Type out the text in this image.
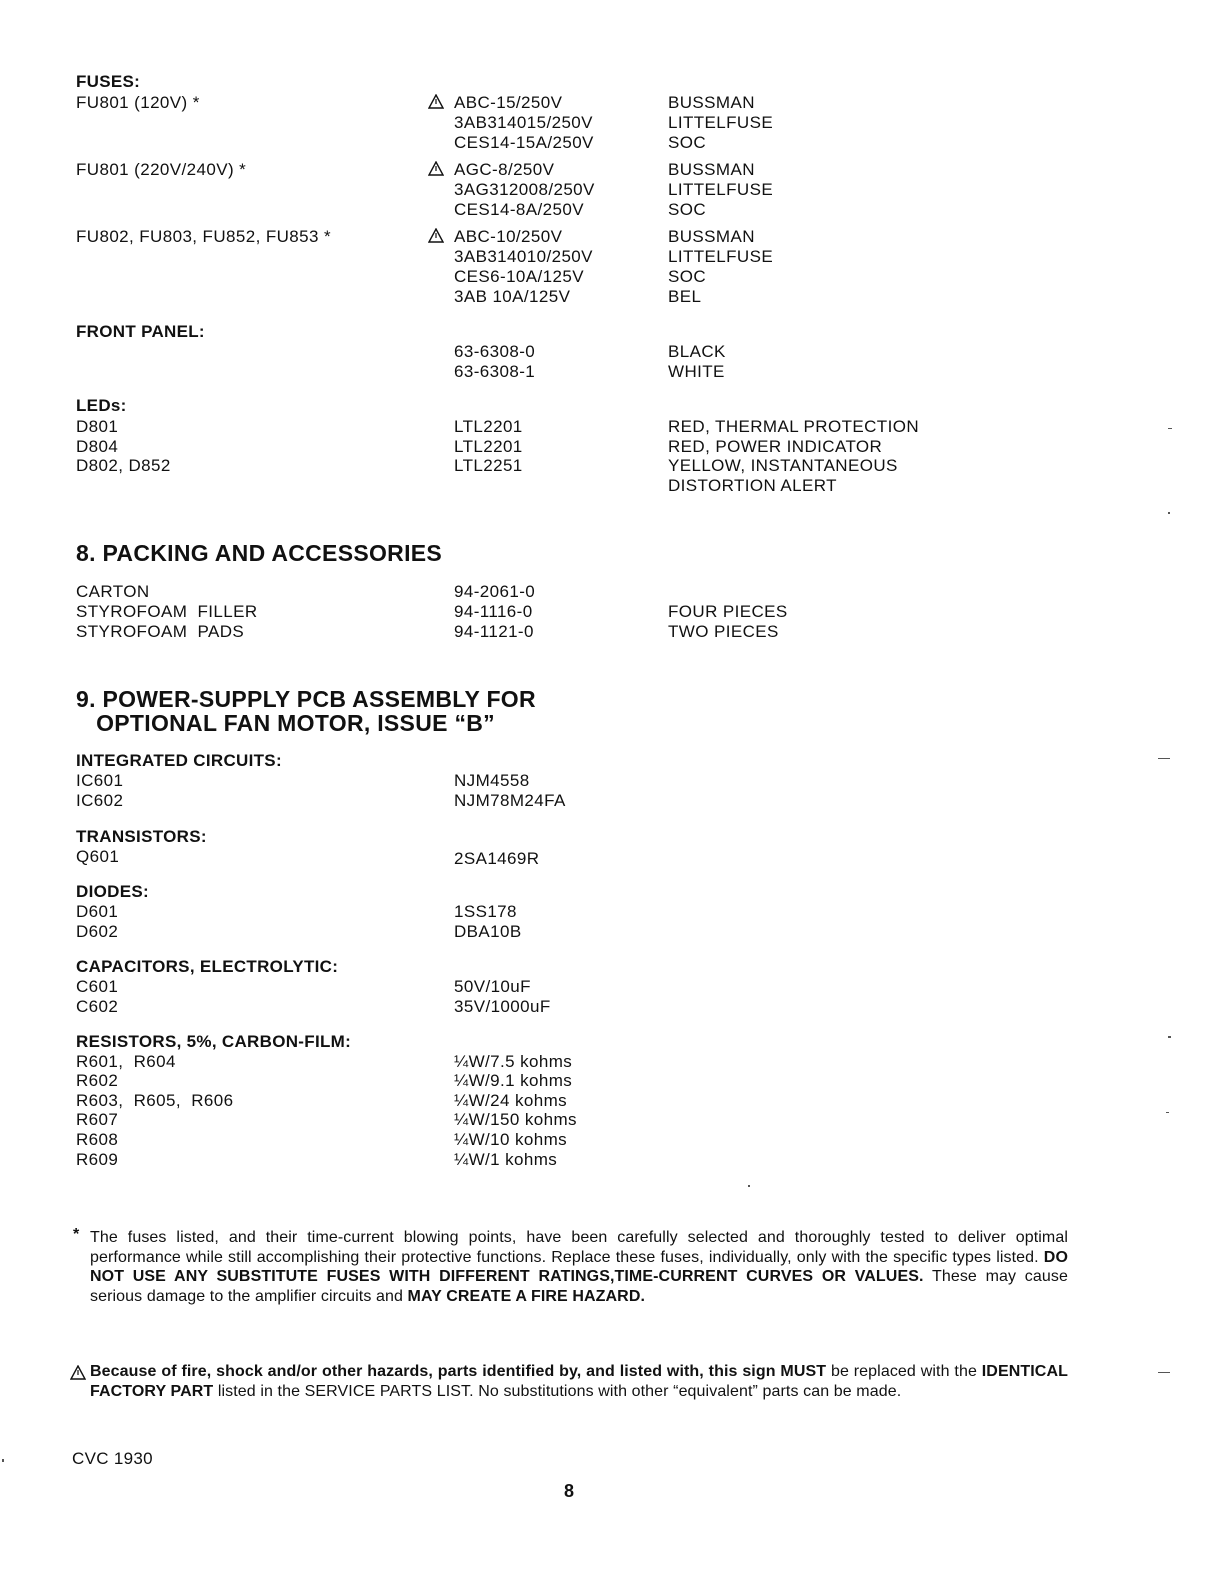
FUSES:
FU801 (120V) *	ABC-15/250V	BUSSMAN
3AB314015/250V	LITTELFUSE
CES14-15A/250V	SOC
FU801 (220V/240V) *	AGC-8/250V	BUSSMAN
3AG312008/250V	LITTELFUSE
CES14-8A/250V	SOC
FU802, FU803, FU852, FU853 *	ABC-10/250V	BUSSMAN
3AB314010/250V	LITTELFUSE
CES6-10A/125V	SOC
3AB 10A/125V	BEL
FRONT PANEL:
63-6308-0	BLACK
63-6308-1	WHITE
LEDs:
D801	LTL2201	RED, THERMAL PROTECTION
D804	LTL2201	RED, POWER INDICATOR
D802, D852	LTL2251	YELLOW, INSTANTANEOUS
DISTORTION ALERT
8. PACKING AND ACCESSORIES
CARTON	94-2061-0
STYROFOAM  FILLER	94-1116-0	FOUR PIECES
STYROFOAM  PADS	94-1121-0	TWO PIECES
9. POWER-SUPPLY PCB ASSEMBLY FOR
OPTIONAL FAN MOTOR, ISSUE “B”
INTEGRATED CIRCUITS:
IC601	NJM4558
IC602	NJM78M24FA
TRANSISTORS:
Q601	2SA1469R
DIODES:
D601	1SS178
D602	DBA10B
CAPACITORS, ELECTROLYTIC:
C601	50V/10uF
C602	35V/1000uF
RESISTORS, 5%, CARBON-FILM:
R601,  R604	¼W/7.5 kohms
R602	¼W/9.1 kohms
R603,  R605,  R606	¼W/24 kohms
R607	¼W/150 kohms
R608	¼W/10 kohms
R609	¼W/1 kohms
* The fuses listed, and their time-current blowing points, have been carefully selected and thoroughly tested to deliver optimal performance while still accomplishing their protective functions. Replace these fuses, individually, only with the specific types listed. DO NOT USE ANY SUBSTITUTE FUSES WITH DIFFERENT RATINGS,TIME-CURRENT CURVES OR VALUES. These may cause serious damage to the amplifier circuits and MAY CREATE A FIRE HAZARD.
Because of fire, shock and/or other hazards, parts identified by, and listed with, this sign MUST be replaced with the IDENTICAL FACTORY PART listed in the SERVICE PARTS LIST. No substitutions with other “equivalent” parts can be made.
CVC 1930
8
